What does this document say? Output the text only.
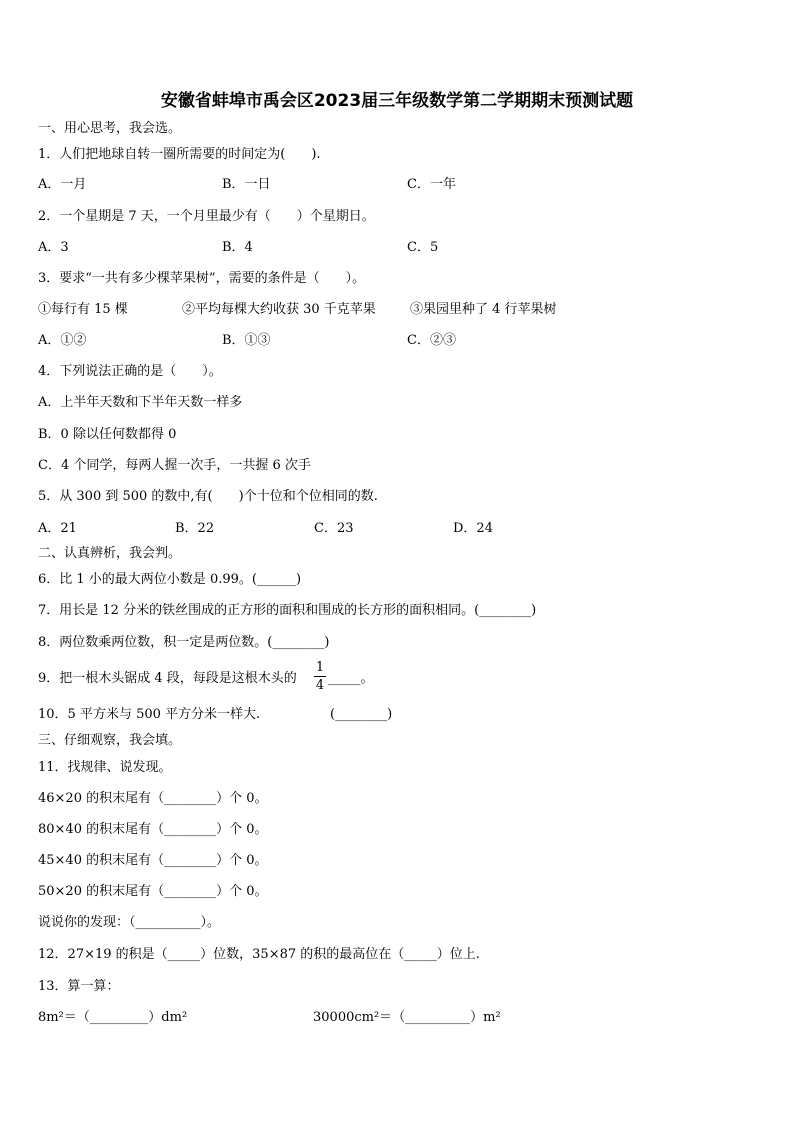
安徽省蚌埠市禹会区2023届三年级数学第二学期期末预测试题
一、用心思考，我会选。
1．人们把地球自转一圈所需要的时间定为(　　).
A．一月	B．一日	C．一年
2．一个星期是 7 天，一个月里最少有（　　）个星期日。
A．3	B．4	C．5
3．要求“一共有多少棵苹果树”，需要的条件是（　　）。
①每行有 15 棵	②平均每棵大约收获 30 千克苹果	③果园里种了 4 行苹果树
A．①②	B．①③	C．②③
4．下列说法正确的是（　　）。
A．上半年天数和下半年天数一样多
B．0 除以任何数都得 0
C．4 个同学，每两人握一次手，一共握 6 次手
5．从 300 到 500 的数中,有(　　)个十位和个位相同的数.
A．21	B．22	C．23	D．24
二、认真辨析，我会判。
6．比 1 小的最大两位小数是 0.99。(______)
7．用长是 12 分米的铁丝围成的正方形的面积和围成的长方形的面积相同。(________)
8．两位数乘两位数，积一定是两位数。(________)
9．把一根木头锯成 4 段，每段是这根木头的
1
4 _____。
10．5 平方米与 500 平方分米一样大.	(________)
三、仔细观察，我会填。
11．找规律、说发现。
46×20 的积末尾有（________）个 0。
80×40 的积末尾有（________）个 0。
45×40 的积末尾有（________）个 0。
50×20 的积末尾有（________）个 0。
说说你的发现：（__________）。
12．27×19 的积是（_____）位数，35×87 的积的最高位在（_____）位上.
13．算一算：
8m²＝（_________）dm²	30000cm²＝（__________）m²
